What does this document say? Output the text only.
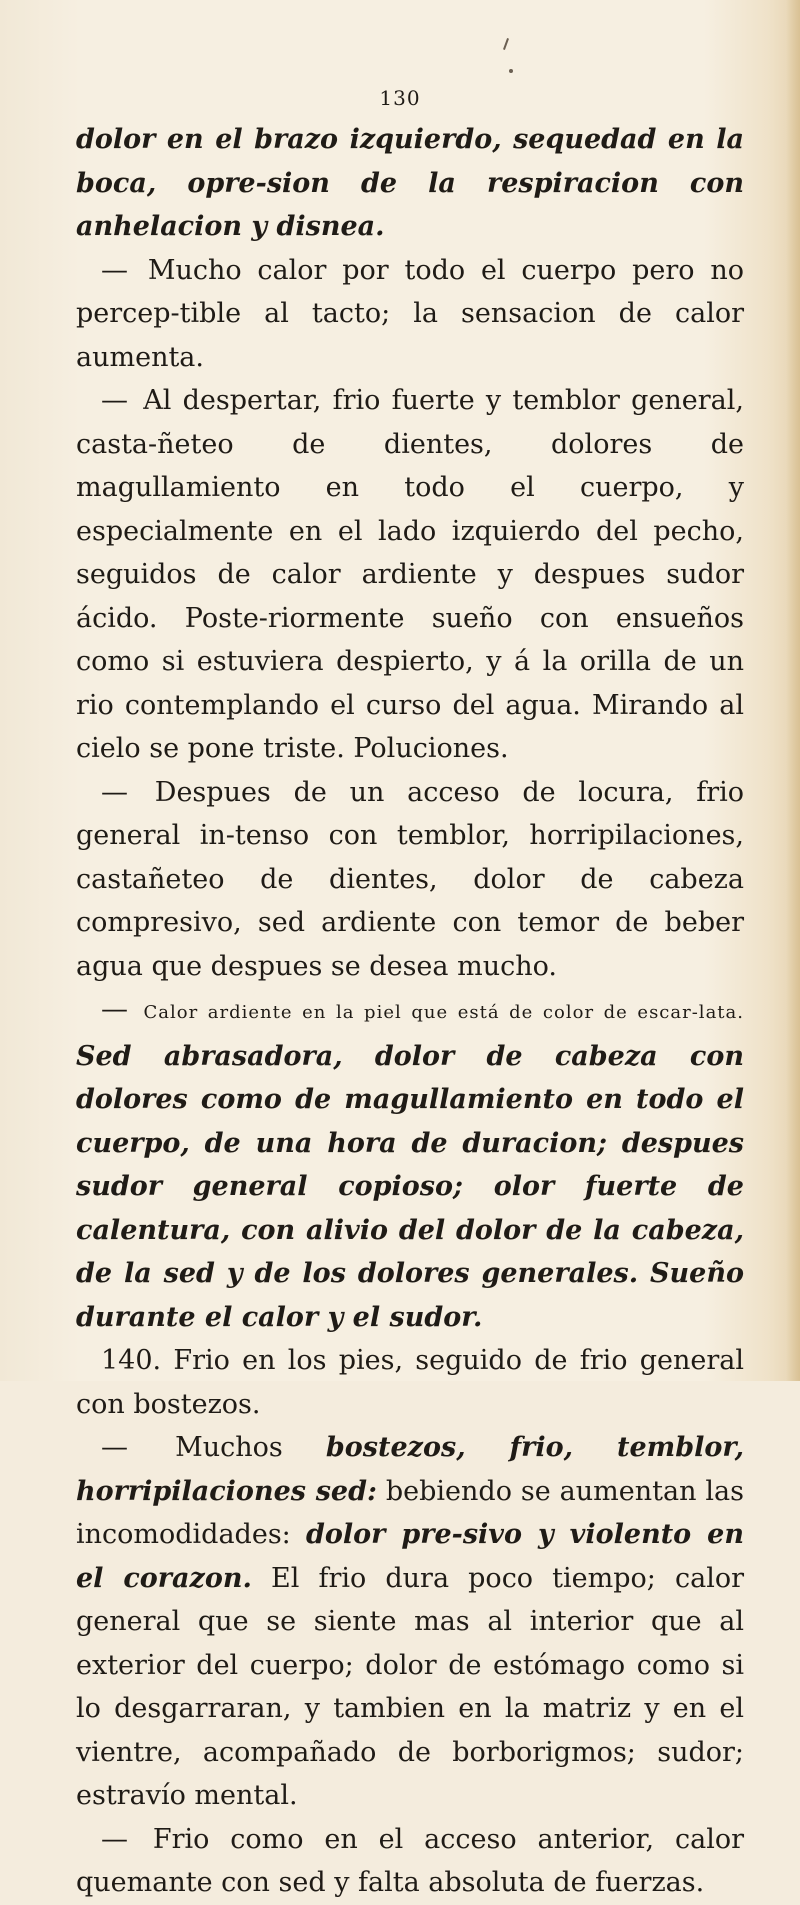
130

dolor en el brazo izquierdo, sequedad en la boca, opre-sion de la respiracion con anhelacion y disnea.

— Mucho calor por todo el cuerpo pero no percep-tible al tacto; la sensacion de calor aumenta.

— Al despertar, frio fuerte y temblor general, casta-ñeteo de dientes, dolores de magullamiento en todo el cuerpo, y especialmente en el lado izquierdo del pecho, seguidos de calor ardiente y despues sudor ácido. Poste-riormente sueño con ensueños como si estuviera despierto, y á la orilla de un rio contemplando el curso del agua. Mirando al cielo se pone triste. Poluciones.

— Despues de un acceso de locura, frio general in-tenso con temblor, horripilaciones, castañeteo de dientes, dolor de cabeza compresivo, sed ardiente con temor de beber agua que despues se desea mucho.

— Calor ardiente en la piel que está de color de escar-lata. Sed abrasadora, dolor de cabeza con dolores como de magullamiento en todo el cuerpo, de una hora de duracion; despues sudor general copioso; olor fuerte de calentura, con alivio del dolor de la cabeza, de la sed y de los dolores generales. Sueño durante el calor y el sudor.

140. Frio en los pies, seguido de frio general con bostezos.

— Muchos bostezos, frio, temblor, horripilaciones sed: bebiendo se aumentan las incomodidades: dolor pre-sivo y violento en el corazon. El frio dura poco tiempo; calor general que se siente mas al interior que al exterior del cuerpo; dolor de estómago como si lo desgarraran, y tambien en la matriz y en el vientre, acompañado de borborigmos; sudor; estravío mental.

— Frio como en el acceso anterior, calor quemante con sed y falta absoluta de fuerzas.
